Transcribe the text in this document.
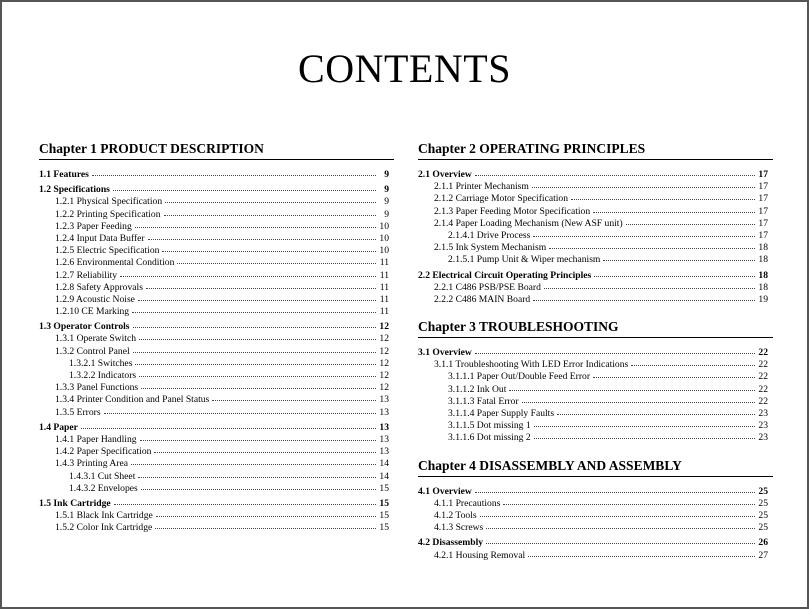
CONTENTS
Chapter 1 PRODUCT DESCRIPTION
1.1 Features	9
1.2 Specifications	9
1.2.1 Physical Specification	9
1.2.2 Printing Specification	9
1.2.3 Paper Feeding	10
1.2.4 Input Data Buffer	10
1.2.5 Electric Specification	10
1.2.6 Environmental Condition	11
1.2.7 Reliability	11
1.2.8 Safety Approvals	11
1.2.9 Acoustic Noise	11
1.2.10 CE Marking	11
1.3 Operator Controls	12
1.3.1 Operate Switch	12
1.3.2 Control Panel	12
1.3.2.1 Switches	12
1.3.2.2 Indicators	12
1.3.3 Panel Functions	12
1.3.4 Printer Condition and Panel Status	13
1.3.5 Errors	13
1.4 Paper	13
1.4.1 Paper Handling	13
1.4.2 Paper Specification	13
1.4.3 Printing Area	14
1.4.3.1 Cut Sheet	14
1.4.3.2 Envelopes	15
1.5 Ink Cartridge	15
1.5.1 Black Ink Cartridge	15
1.5.2 Color Ink Cartridge	15
Chapter 2 OPERATING PRINCIPLES
2.1 Overview	17
2.1.1 Printer Mechanism	17
2.1.2 Carriage Motor Specification	17
2.1.3 Paper Feeding Motor Specification	17
2.1.4 Paper Loading Mechanism (New ASF unit)	17
2.1.4.1 Drive Process	17
2.1.5 Ink System Mechanism	18
2.1.5.1 Pump Unit & Wiper mechanism	18
2.2 Electrical Circuit Operating Principles	18
2.2.1 C486 PSB/PSE Board	18
2.2.2 C486 MAIN Board	19
Chapter 3 TROUBLESHOOTING
3.1 Overview	22
3.1.1 Troubleshooting With LED Error Indications	22
3.1.1.1 Paper Out/Double Feed Error	22
3.1.1.2 Ink Out	22
3.1.1.3 Fatal Error	22
3.1.1.4 Paper Supply Faults	23
3.1.1.5 Dot missing 1	23
3.1.1.6 Dot missing 2	23
Chapter 4 DISASSEMBLY AND ASSEMBLY
4.1 Overview	25
4.1.1 Precautions	25
4.1.2 Tools	25
4.1.3 Screws	25
4.2 Disassembly	26
4.2.1 Housing Removal	27
